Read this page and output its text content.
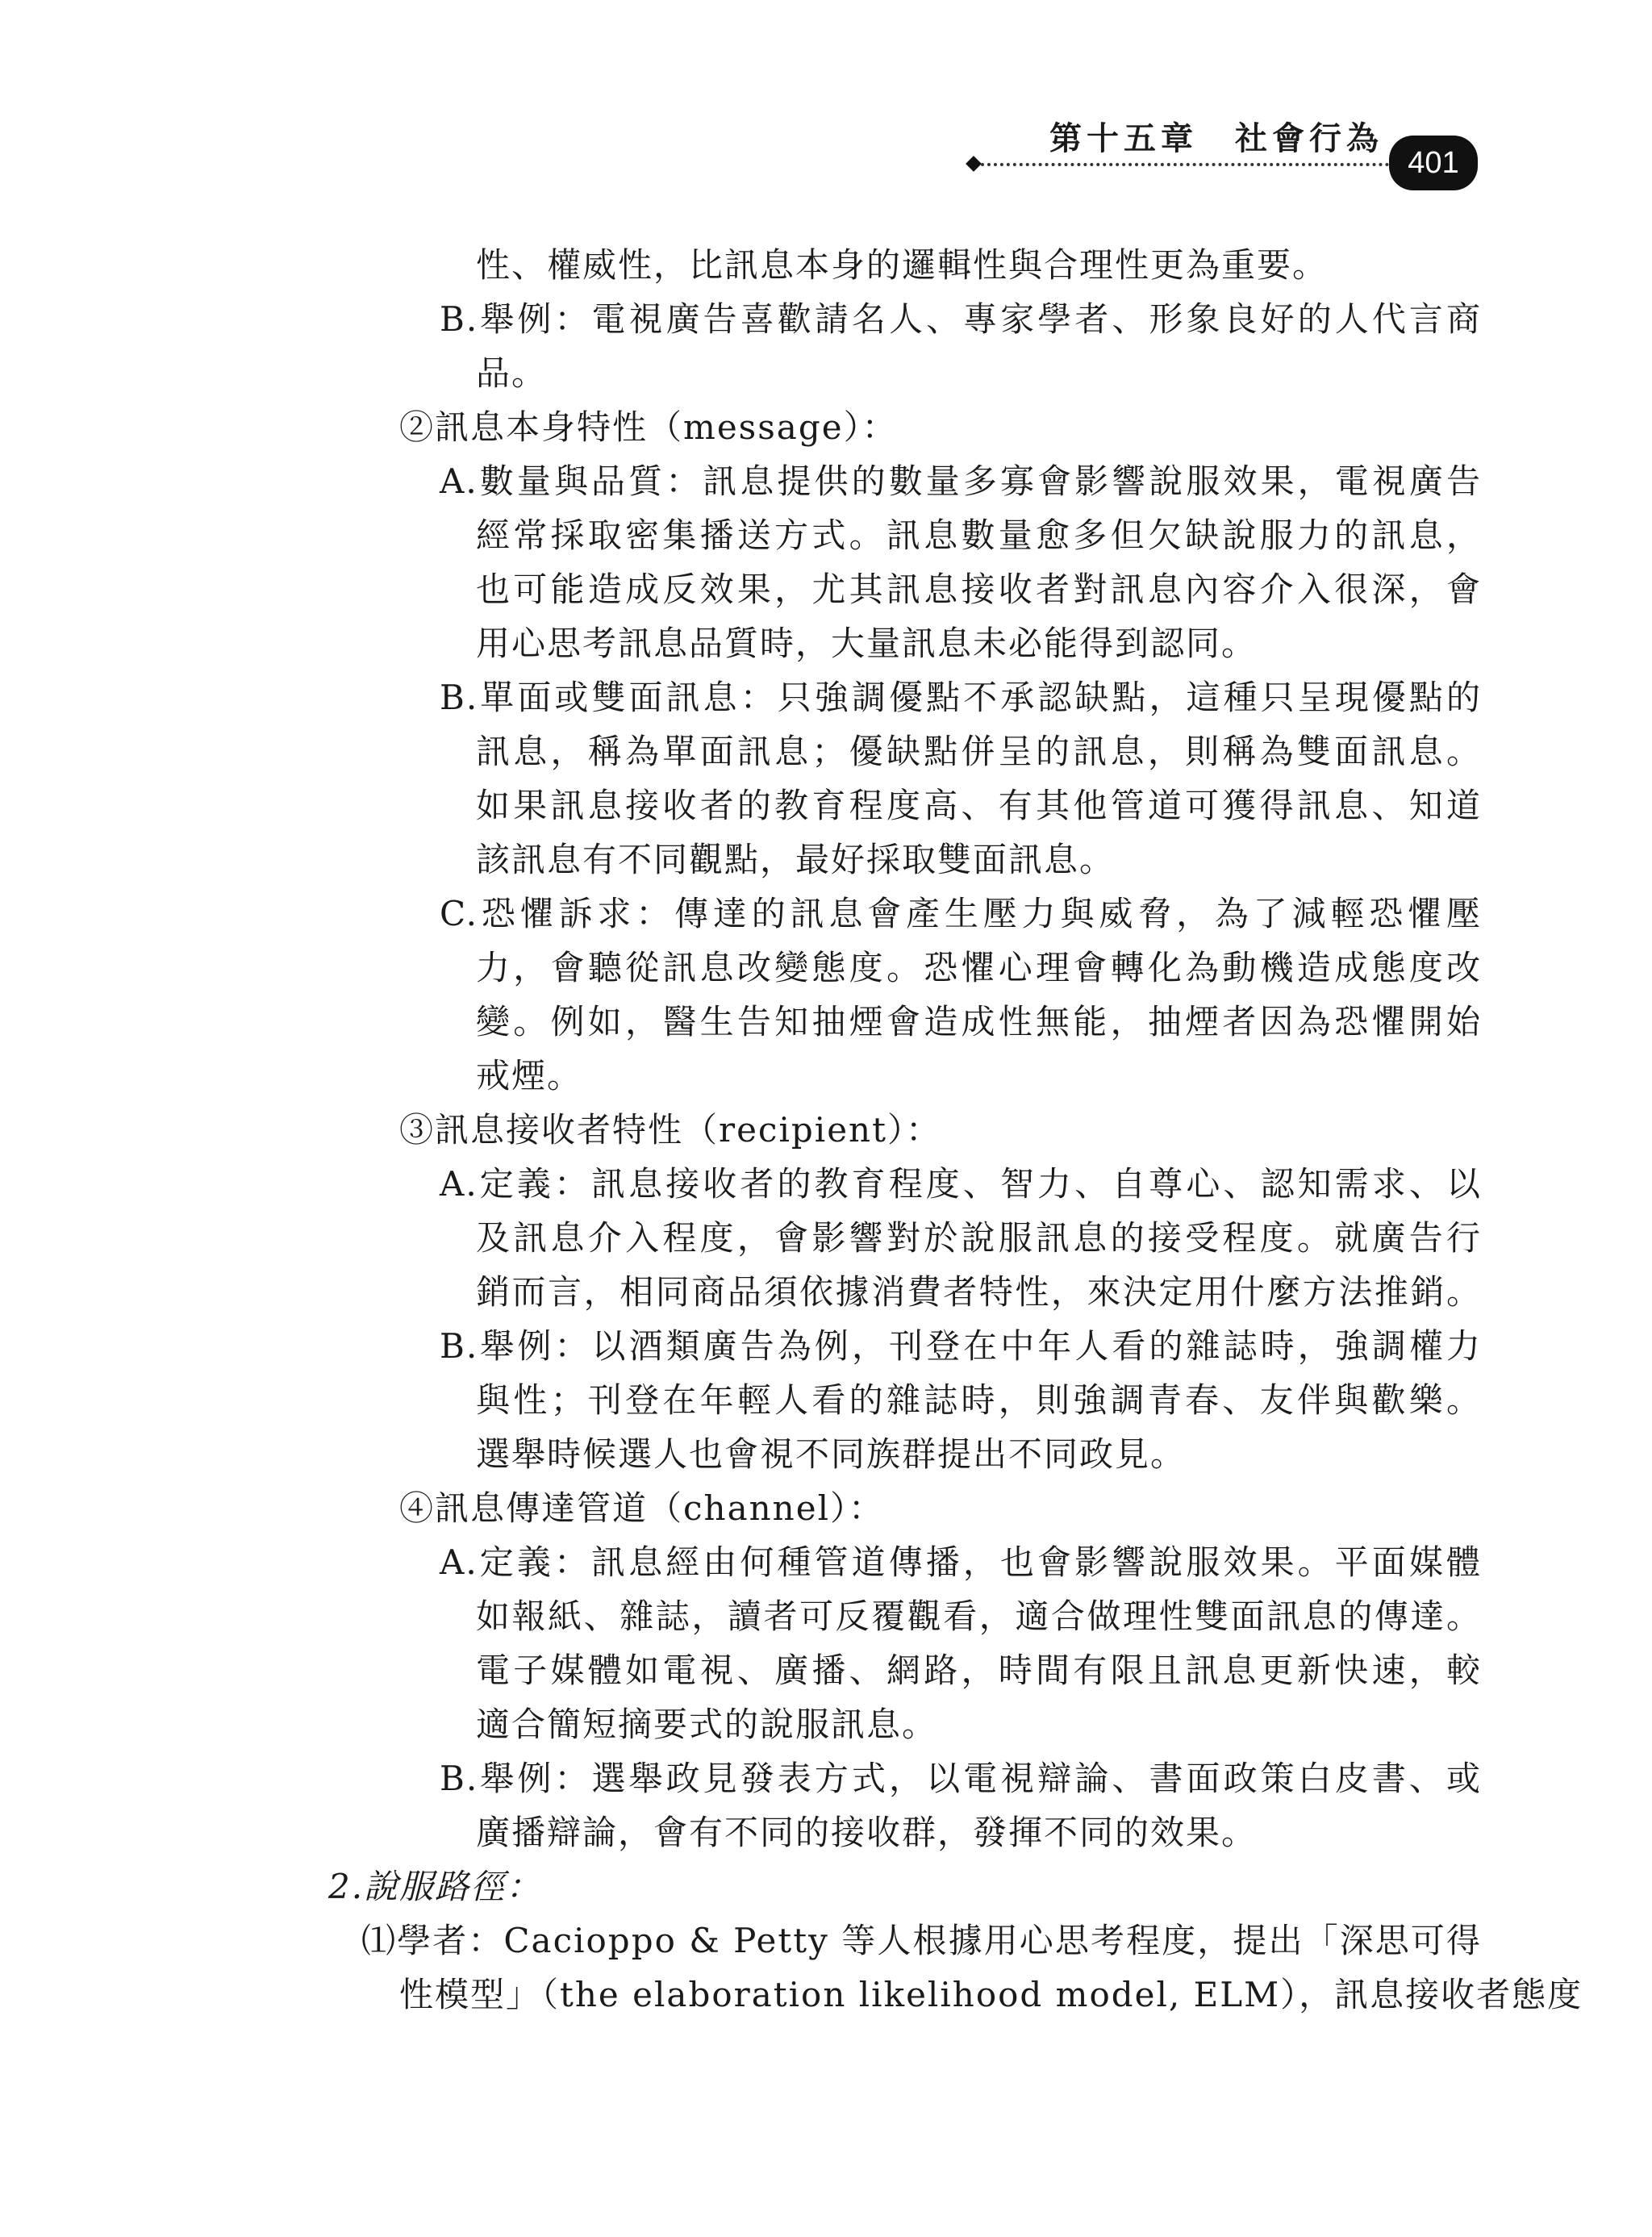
第十五章　社會行為
401
性、權威性，比訊息本身的邏輯性與合理性更為重要。
B.舉例：電視廣告喜歡請名人、專家學者、形象良好的人代言商
品。
②訊息本身特性（message）：
A.數量與品質：訊息提供的數量多寡會影響說服效果，電視廣告
經常採取密集播送方式。訊息數量愈多但欠缺說服力的訊息，
也可能造成反效果，尤其訊息接收者對訊息內容介入很深，會
用心思考訊息品質時，大量訊息未必能得到認同。
B.單面或雙面訊息：只強調優點不承認缺點，這種只呈現優點的
訊息，稱為單面訊息；優缺點併呈的訊息，則稱為雙面訊息。
如果訊息接收者的教育程度高、有其他管道可獲得訊息、知道
該訊息有不同觀點，最好採取雙面訊息。
C.恐懼訴求：傳達的訊息會產生壓力與威脅，為了減輕恐懼壓
力，會聽從訊息改變態度。恐懼心理會轉化為動機造成態度改
變。例如，醫生告知抽煙會造成性無能，抽煙者因為恐懼開始
戒煙。
③訊息接收者特性（recipient）：
A.定義：訊息接收者的教育程度、智力、自尊心、認知需求、以
及訊息介入程度，會影響對於說服訊息的接受程度。就廣告行
銷而言，相同商品須依據消費者特性，來決定用什麼方法推銷。
B.舉例：以酒類廣告為例，刊登在中年人看的雜誌時，強調權力
與性；刊登在年輕人看的雜誌時，則強調青春、友伴與歡樂。
選舉時候選人也會視不同族群提出不同政見。
④訊息傳達管道（channel）：
A.定義：訊息經由何種管道傳播，也會影響說服效果。平面媒體
如報紙、雜誌，讀者可反覆觀看，適合做理性雙面訊息的傳達。
電子媒體如電視、廣播、網路，時間有限且訊息更新快速，較
適合簡短摘要式的說服訊息。
B.舉例：選舉政見發表方式，以電視辯論、書面政策白皮書、或
廣播辯論，會有不同的接收群，發揮不同的效果。
2.說服路徑：
⑴學者：Cacioppo & Petty 等人根據用心思考程度，提出「深思可得
性模型」（the elaboration likelihood model, ELM），訊息接收者態度
